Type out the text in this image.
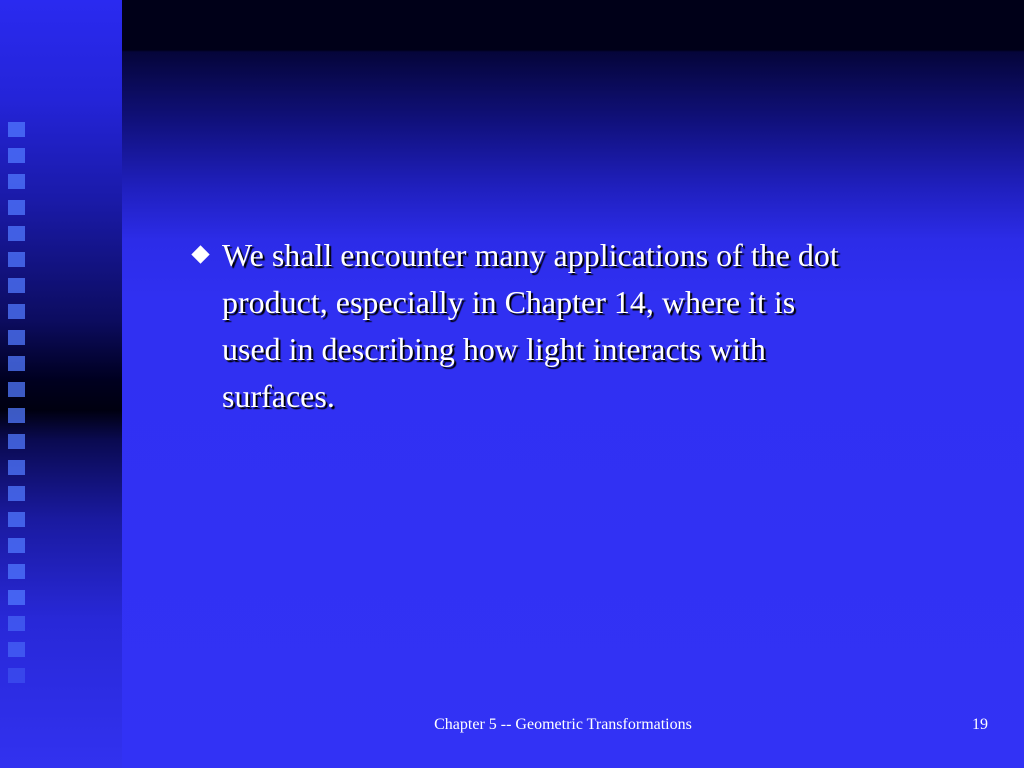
We shall encounter many applications of the dot
product, especially in Chapter 14, where it is
used in describing how light interacts with
surfaces.
Chapter 5 -- Geometric Transformations	19
